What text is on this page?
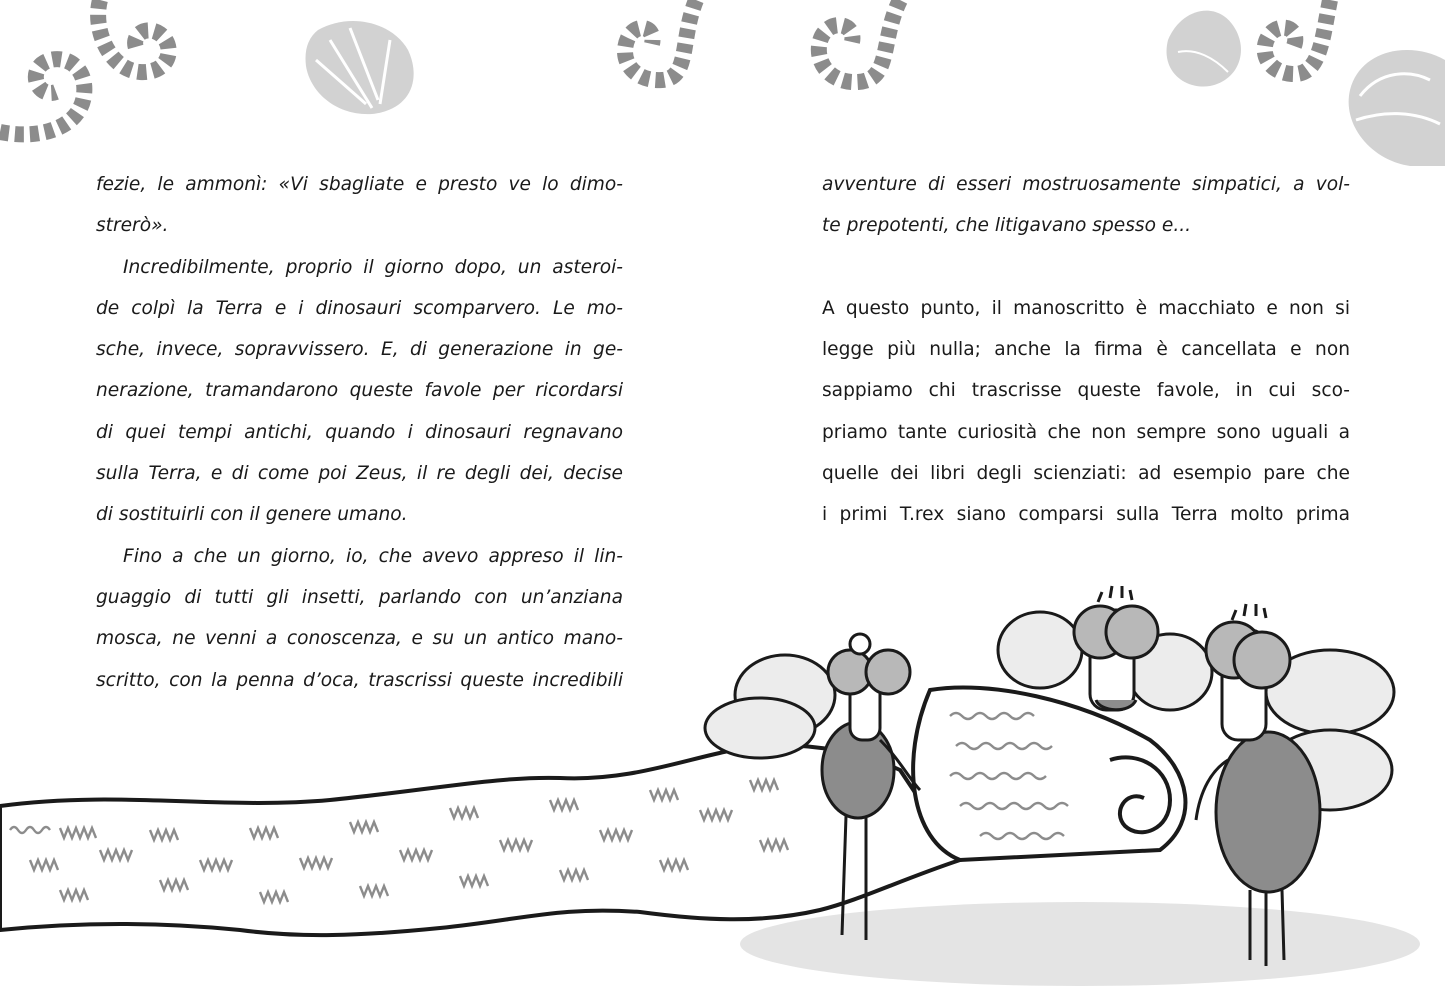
fezie, le ammonì: «Vi sbagliate e presto ve lo dimo-
strerò».
Incredibilmente, proprio il giorno dopo, un asteroi-
de colpì la Terra e i dinosauri scomparvero. Le mo-
sche, invece, sopravvissero. E, di generazione in ge-
nerazione, tramandarono queste favole per ricordarsi
di quei tempi antichi, quando i dinosauri regnavano
sulla Terra, e di come poi Zeus, il re degli dei, decise
di sostituirli con il genere umano.
Fino a che un giorno, io, che avevo appreso il lin-
guaggio di tutti gli insetti, parlando con un’anziana
mosca, ne venni a conoscenza, e su un antico mano-
scritto, con la penna d’oca, trascrissi queste incredibili
avventure di esseri mostruosamente simpatici, a vol-
te prepotenti, che litigavano spesso e...
A questo punto, il manoscritto è macchiato e non si
legge più nulla; anche la firma è cancellata e non
sappiamo chi trascrisse queste favole, in cui sco-
priamo tante curiosità che non sempre sono uguali a
quelle dei libri degli scienziati: ad esempio pare che
i primi T.rex siano comparsi sulla Terra molto prima
